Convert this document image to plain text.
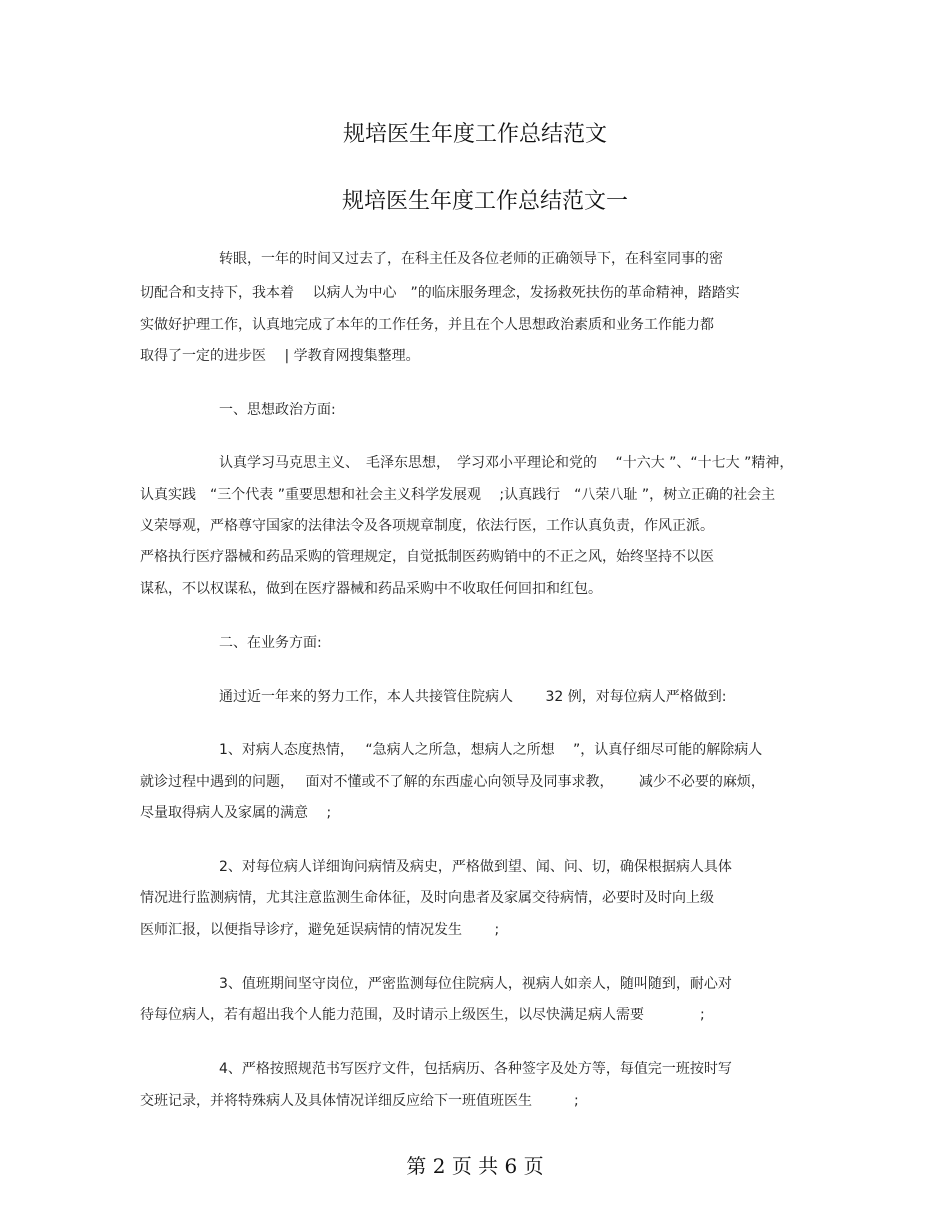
规培医生年度工作总结范文
规培医生年度工作总结范文一
转眼，一年的时间又过去了，在科主任及各位老师的正确领导下，在科室同事的密
切配合和支持下，我本着　 以病人为中心　”的临床服务理念，发扬救死扶伤的革命精神，踏踏实
实做好护理工作，认真地完成了本年的工作任务，并且在个人思想政治素质和业务工作能力都
取得了一定的进步医　 | 学教育网搜集整理。
一、思想政治方面:
认真学习马克思主义、　毛泽东思想，　学习邓小平理论和党的　 “十六大 ”、“十七大 ”精神，
认真实践　“三个代表 ”重要思想和社会主义科学发展观　 ;认真践行　“八荣八耻 ”，树立正确的社会主
义荣辱观，严格尊守国家的法律法令及各项规章制度，依法行医，工作认真负责，作风正派。
严格执行医疗器械和药品采购的管理规定，自觉抵制医药购销中的不正之风，始终坚持不以医
谋私，不以权谋私，做到在医疗器械和药品采购中不收取任何回扣和红包。
二、在业务方面:
通过近一年来的努力工作，本人共接管住院病人　　 32 例，对每位病人严格做到:
1、对病人态度热情，　 “急病人之所急，想病人之所想　 ”，认真仔细尽可能的解除病人
就诊过程中遇到的问题，　 面对不懂或不了解的东西虚心向领导及同事求教，　　 减少不必要的麻烦，
尽量取得病人及家属的满意　 ;
2、对每位病人详细询问病情及病史，严格做到望、闻、问、切，确保根据病人具体
情况进行监测病情，尤其注意监测生命体征，及时向患者及家属交待病情，必要时及时向上级
医师汇报，以便指导诊疗，避免延误病情的情况发生　　 ;
3、值班期间坚守岗位，严密监测每位住院病人，视病人如亲人，随叫随到，耐心对
待每位病人，若有超出我个人能力范围，及时请示上级医生，以尽快满足病人需要　　　　;
4、严格按照规范书写医疗文件，包括病历、各种签字及处方等，每值完一班按时写
交班记录，并将特殊病人及具体情况详细反应给下一班值班医生　　　;
第 2 页 共 6 页
